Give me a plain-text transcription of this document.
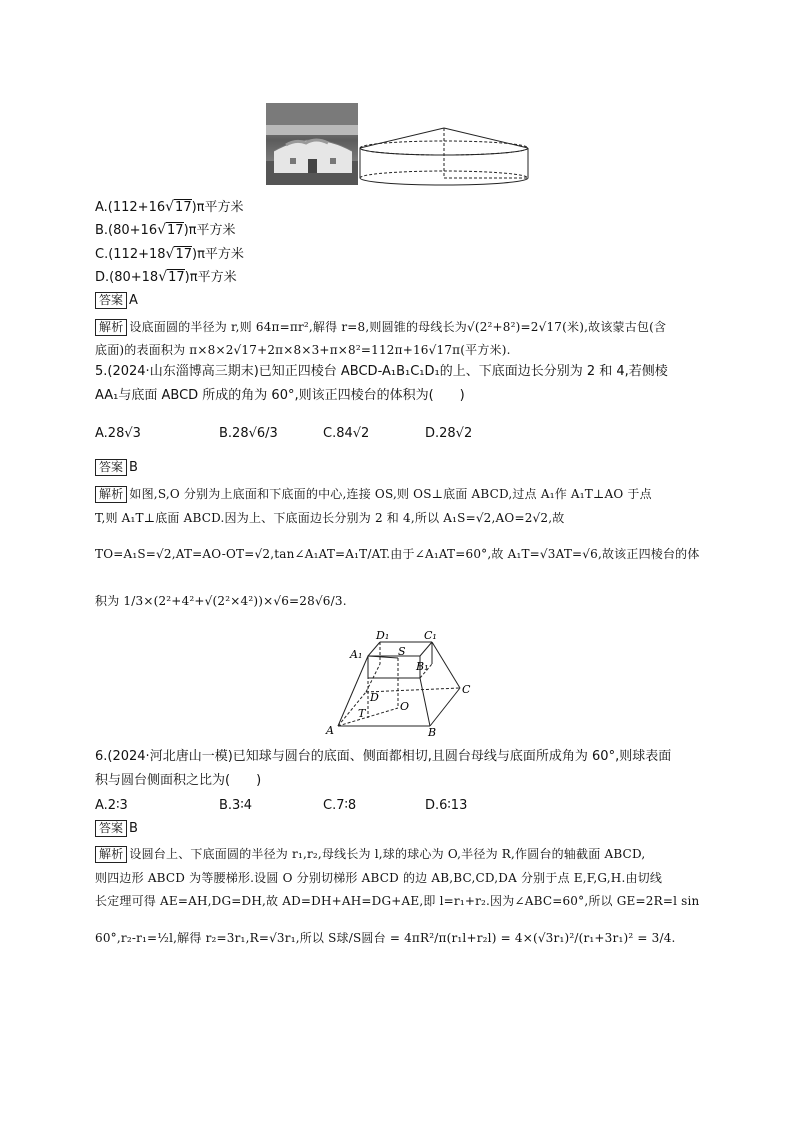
A.(112+16√17)π平方米
B.(80+16√17)π平方米
C.(112+18√17)π平方米
D.(80+18√17)π平方米
答案 A
解析 设底面圆的半径为 r,则 64π=πr²,解得 r=8,则圆锥的母线长为√(2²+8²)=2√17(米),故该蒙古包(含
底面)的表面积为 π×8×2√17+2π×8×3+π×8²=112π+16√17π(平方米).
5.(2024·山东淄博高三期末)已知正四棱台 ABCD-A₁B₁C₁D₁的上、下底面边长分别为 2 和 4,若侧棱
AA₁与底面 ABCD 所成的角为 60°,则该正四棱台的体积为(　　)
A.28√3	B.28√6/3	C.84√2	D.28√2
答案 B
解析 如图,S,O 分别为上底面和下底面的中心,连接 OS,则 OS⊥底面 ABCD,过点 A₁作 A₁T⊥AO 于点
T,则 A₁T⊥底面 ABCD.因为上、下底面边长分别为 2 和 4,所以 A₁S=√2,AO=2√2,故
TO=A₁S=√2,AT=AO-OT=√2,tan∠A₁AT=A₁T/AT.由于∠A₁AT=60°,故 A₁T=√3AT=√6,故该正四棱台的体
积为 1/3×(2²+4²+√(2²×4²))×√6=28√6/3.
D₁	C₁
A₁	S
B₁
D
C
O
T
A	B
6.(2024·河北唐山一模)已知球与圆台的底面、侧面都相切,且圆台母线与底面所成角为 60°,则球表面
积与圆台侧面积之比为(　　)
A.2∶3	B.3∶4	C.7∶8	D.6∶13
答案 B
解析 设圆台上、下底面圆的半径为 r₁,r₂,母线长为 l,球的球心为 O,半径为 R,作圆台的轴截面 ABCD,
则四边形 ABCD 为等腰梯形.设圆 O 分别切梯形 ABCD 的边 AB,BC,CD,DA 分别于点 E,F,G,H.由切线
长定理可得 AE=AH,DG=DH,故 AD=DH+AH=DG+AE,即 l=r₁+r₂.因为∠ABC=60°,所以 GE=2R=l sin
60°,r₂-r₁=½l,解得 r₂=3r₁,R=√3r₁,所以 S球/S圆台 = 4πR²/π(r₁l+r₂l) = 4×(√3r₁)²/(r₁+3r₁)² = 3/4.
